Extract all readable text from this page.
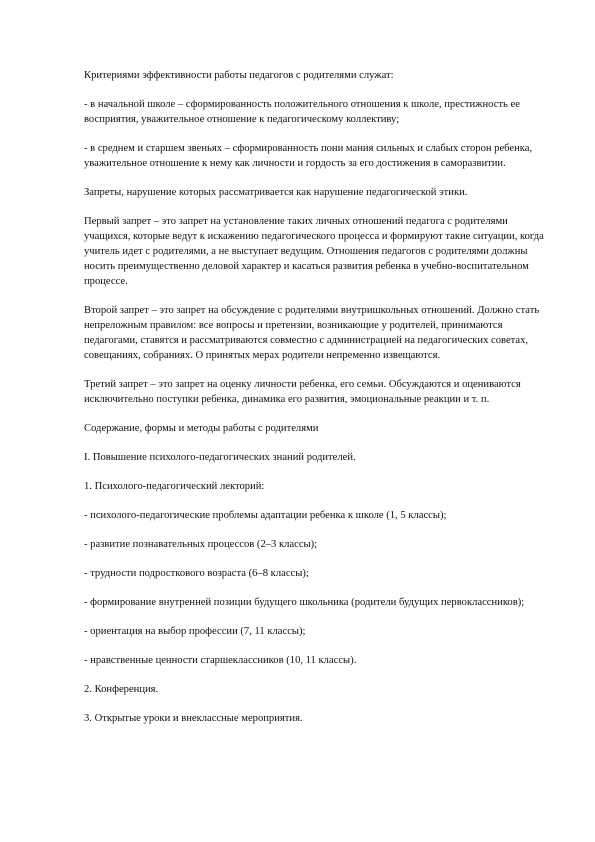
Критериями эффективности работы педагогов с родителями служат:

- в начальной школе – сформированность положительного отношения к школе, престижность ее восприятия, уважительное отношение к педагогическому коллективу;

- в среднем и старшем звеньях – сформированность пони мания сильных и слабых сторон ребенка, уважительное отношение к нему как личности и гордость за его достижения в саморазвитии.

Запреты, нарушение которых рассматривается как нарушение педагогической этики.

Первый запрет – это запрет на установление таких личных отношений педагога с родителями учащихся, которые ведут к искажению педагогического процесса и формируют такие ситуации, когда учитель идет с родителями, а не выступает ведущим. Отношения педагогов с родителями должны носить преимущественно деловой характер и касаться развития ребенка в учебно-воспитательном процессе.

Второй запрет – это запрет на обсуждение с родителями внутришкольных отношений. Должно стать непреложным правилом: все вопросы и претензии, возникающие у родителей, принимаются педагогами, ставятся и рассматриваются совместно с администрацией на педагогических советах, совещаниях, собраниях. О принятых мерах родители непременно извещаются.

Третий запрет – это запрет на оценку личности ребенка, его семьи. Обсуждаются и оцениваются исключительно поступки ребенка, динамика его развития, эмоциональные реакции и т. п.

Содержание, формы и методы работы с родителями

I. Повышение психолого-педагогических знаний родителей.

1. Психолого-педагогический лекторий:

- психолого-педагогические проблемы адаптации ребенка к школе (1, 5 классы);

- развитие познавательных процессов (2–3 классы);

- трудности подросткового возраста (6–8 классы);

- формирование внутренней позиции будущего школьника (родители будущих первоклассников);

- ориентация на выбор профессии (7, 11 классы);

- нравственные ценности старшеклассников (10, 11 классы).

2. Конференция.

3. Открытые уроки и внеклассные мероприятия.
